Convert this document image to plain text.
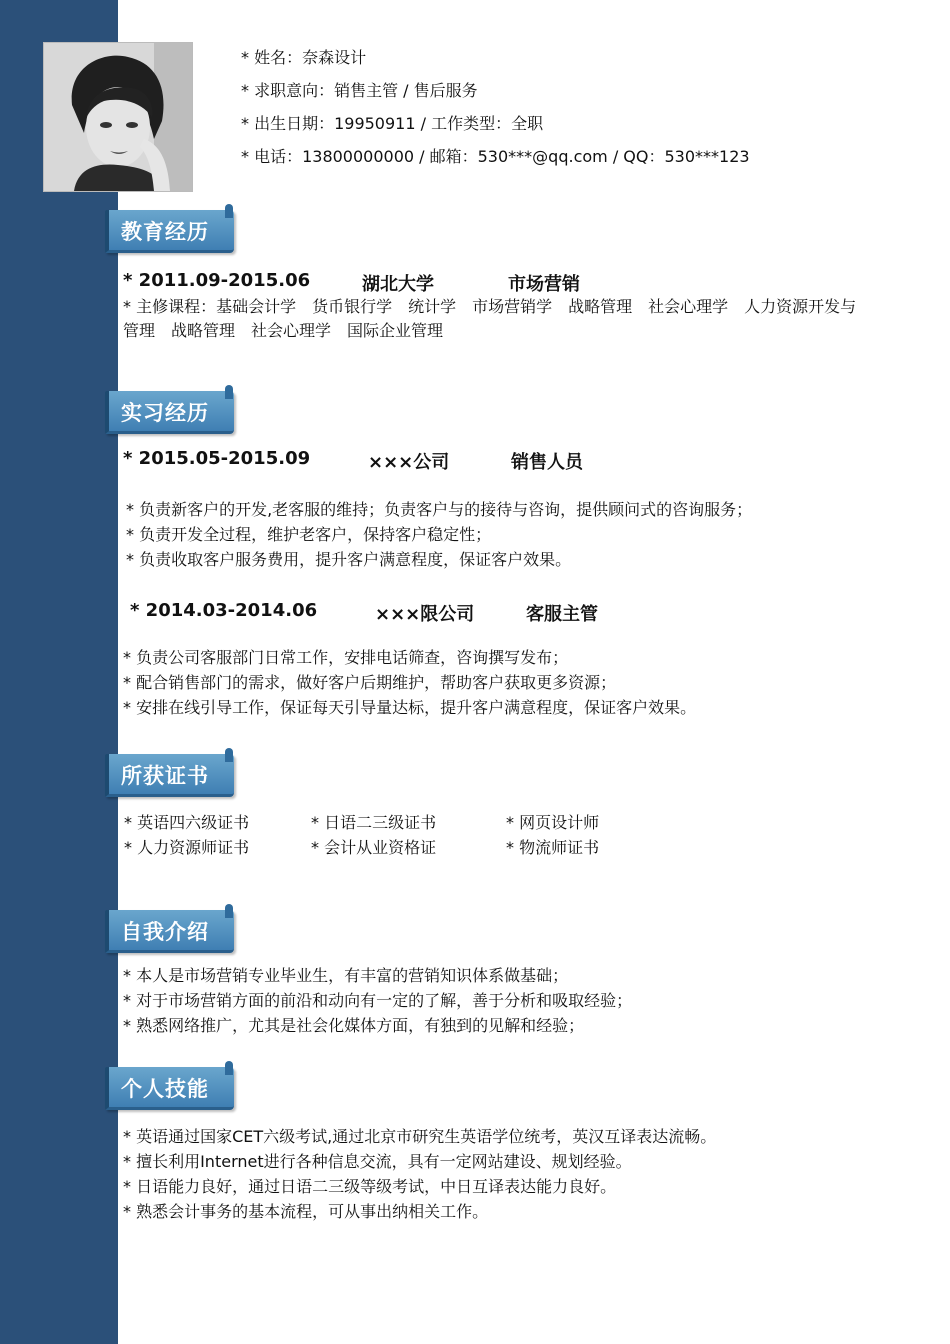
* 姓名：奈森设计
* 求职意向：销售主管 / 售后服务
* 出生日期：19950911 / 工作类型：全职
* 电话：13800000000 / 邮箱：530***@qq.com / QQ：530***123
教育经历
* 2011.09-2015.06	湖北大学	市场营销
* 主修课程：基础会计学　货币银行学　统计学　市场营销学　战略管理　社会心理学　人力资源开发与管理　战略管理　社会心理学　国际企业管理
实习经历
* 2015.05-2015.09	×××公司	销售人员
* 负责新客户的开发,老客服的维持；负责客户与的接待与咨询，提供顾问式的咨询服务；
* 负责开发全过程，维护老客户，保持客户稳定性；
* 负责收取客户服务费用，提升客户满意程度，保证客户效果。
* 2014.03-2014.06	×××限公司	客服主管
* 负责公司客服部门日常工作，安排电话筛查，咨询撰写发布；
* 配合销售部门的需求，做好客户后期维护，帮助客户获取更多资源；
* 安排在线引导工作，保证每天引导量达标，提升客户满意程度，保证客户效果。
所获证书
* 英语四六级证书	* 日语二三级证书	* 网页设计师
* 人力资源师证书	* 会计从业资格证	* 物流师证书
自我介绍
* 本人是市场营销专业毕业生，有丰富的营销知识体系做基础；
* 对于市场营销方面的前沿和动向有一定的了解，善于分析和吸取经验；
* 熟悉网络推广，尤其是社会化媒体方面，有独到的见解和经验；
个人技能
* 英语通过国家CET六级考试,通过北京市研究生英语学位统考，英汉互译表达流畅。
* 擅长利用Internet进行各种信息交流，具有一定网站建设、规划经验。
* 日语能力良好，通过日语二三级等级考试，中日互译表达能力良好。
* 熟悉会计事务的基本流程，可从事出纳相关工作。
